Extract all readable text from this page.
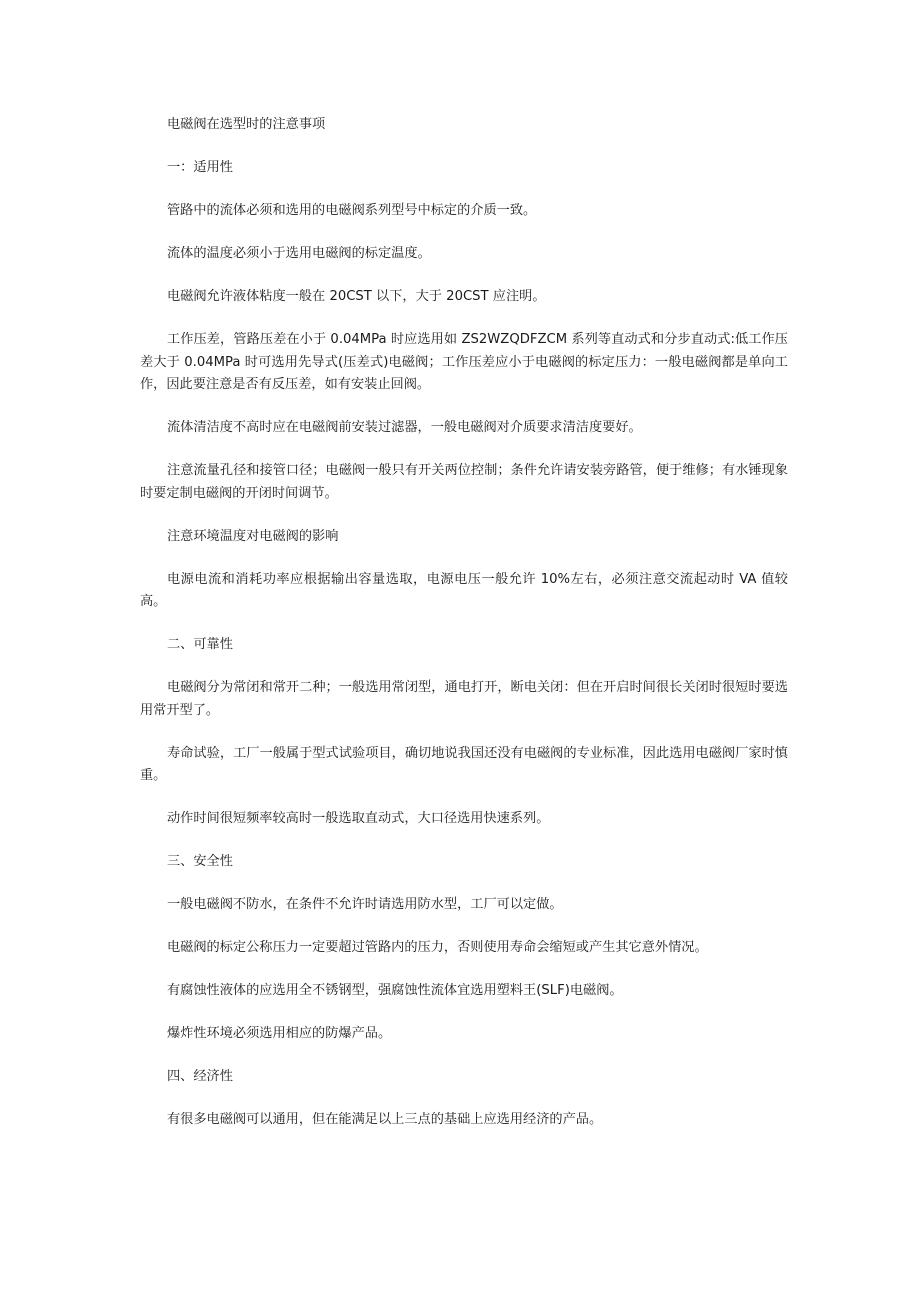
电磁阀在选型时的注意事项

一：适用性

管路中的流体必须和选用的电磁阀系列型号中标定的介质一致。

流体的温度必须小于选用电磁阀的标定温度。

电磁阀允许液体粘度一般在 20CST 以下，大于 20CST 应注明。

工作压差，管路压差在小于 0.04MPa 时应选用如 ZS2WZQDFZCM 系列等直动式和分步直动式:低工作压差大于 0.04MPa 时可选用先导式(压差式)电磁阀；工作压差应小于电磁阀的标定压力：一般电磁阀都是单向工作，因此要注意是否有反压差，如有安装止回阀。

流体清洁度不高时应在电磁阀前安装过滤器，一般电磁阀对介质要求清洁度要好。

注意流量孔径和接管口径；电磁阀一般只有开关两位控制；条件允许请安装旁路管，便于维修；有水锤现象时要定制电磁阀的开闭时间调节。

注意环境温度对电磁阀的影响

电源电流和消耗功率应根据输出容量选取，电源电压一般允许 10%左右，必须注意交流起动时 VA 值较高。

二、可靠性

电磁阀分为常闭和常开二种；一般选用常闭型，通电打开，断电关闭：但在开启时间很长关闭时很短时要选用常开型了。

寿命试验，工厂一般属于型式试验项目，确切地说我国还没有电磁阀的专业标准，因此选用电磁阀厂家时慎重。

动作时间很短频率较高时一般选取直动式，大口径选用快速系列。

三、安全性

一般电磁阀不防水，在条件不允许时请选用防水型，工厂可以定做。

电磁阀的标定公称压力一定要超过管路内的压力，否则使用寿命会缩短或产生其它意外情况。

有腐蚀性液体的应选用全不锈钢型，强腐蚀性流体宜选用塑料王(SLF)电磁阀。

爆炸性环境必须选用相应的防爆产品。

四、经济性

有很多电磁阀可以通用，但在能满足以上三点的基础上应选用经济的产品。
